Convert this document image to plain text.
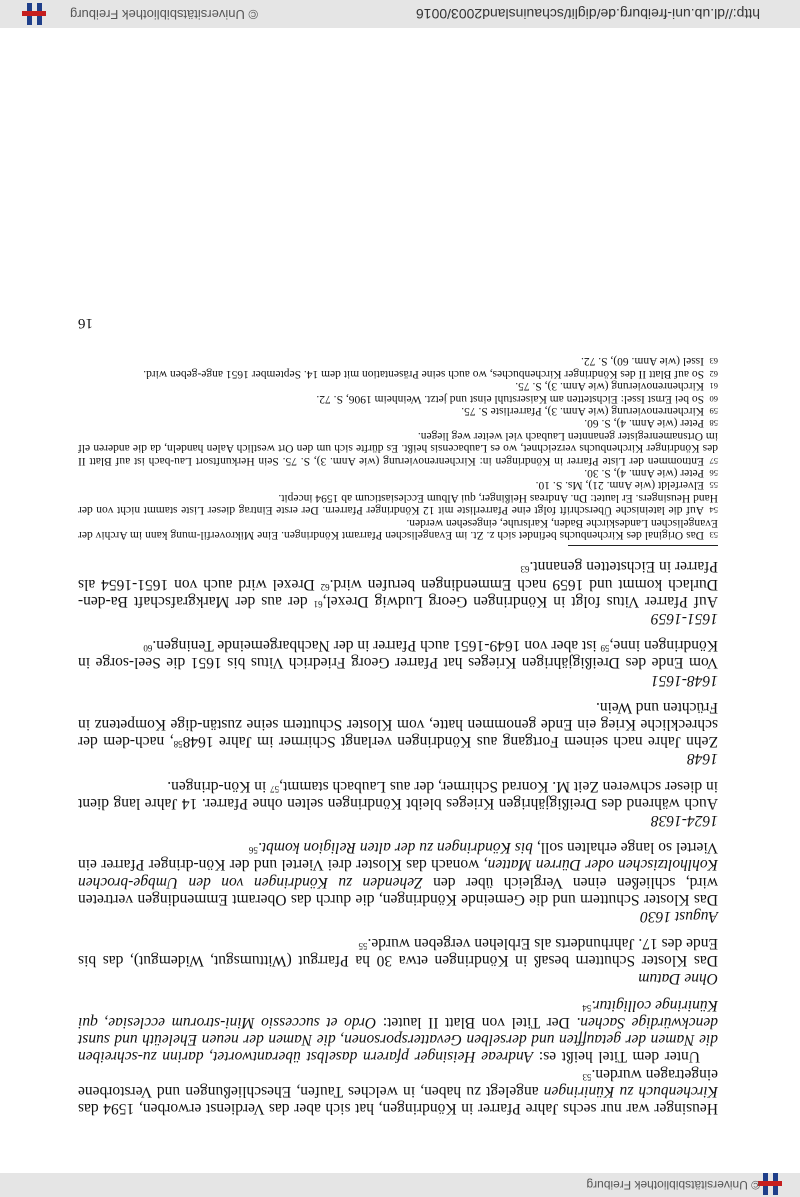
© Universitätsbibliothek Freiburg

Heusinger war nur sechs Jahre Pfarrer in Köndringen, hat sich aber das Verdienst erworben, 1594 das Kirchenbuch zu Küniringen angelegt zu haben, in welches Taufen, Eheschließungen und Verstorbene eingetragen wurden.$^{53}$

Unter dem Titel heißt es: Andreae Heisinger pfarern daselbst überantwortet, darinn zu-schreiben die Namen der getaufften und derselben Gevattersporsonen, die Namen der neuen Eheleüth und sunst denckwürdige Sachen. Der Titel von Blatt II lautet: Ordo et successio Mini-strorum ecclesiae, qui Küniringe colligitur.$^{54}$

Ohne Datum

Das Kloster Schuttern besaß in Köndringen etwa 30 ha Pfarrgut (Wittumsgut, Widemgut), das bis Ende des 17. Jahrhunderts als Erblehen vergeben wurde.$^{55}$

August 1630

Das Kloster Schuttern und die Gemeinde Köndringen, die durch das Oberamt Emmendingen vertreten wird, schließen einen Vergleich über den Zehenden zu Köndringen von den Umbge-brochen Kohlholtzischen oder Dürren Matten, wonach das Kloster drei Viertel und der Kön-dringer Pfarrer ein Viertel so lange erhalten soll, bis Köndringen zu der alten Religion kombt.$^{56}$

1624-1638

Auch während des Dreißigjährigen Krieges bleibt Köndringen selten ohne Pfarrer. 14 Jahre lang dient in dieser schweren Zeit M. Konrad Schirmer, der aus Laubach stammt,$^{57}$ in Kön-dringen.

1648

Zehn Jahre nach seinem Fortgang aus Köndringen verlangt Schirmer im Jahre 1648$^{58}$, nach-dem der schreckliche Krieg ein Ende genommen hatte, vom Kloster Schuttern seine zustän-dige Kompetenz in Früchten und Wein.

1648-1651

Vom Ende des Dreißigjährigen Krieges hat Pfarrer Georg Friedrich Vitus bis 1651 die Seel-sorge in Köndringen inne,$^{59}$ ist aber von 1649-1651 auch Pfarrer in der Nachbargemeinde Teningen.$^{60}$

1651-1659

Auf Pfarrer Vitus folgt in Köndringen Georg Ludwig Drexel,$^{61}$ der aus der Markgrafschaft Ba-den-Durlach kommt und 1659 nach Emmendingen berufen wird.$^{62}$ Drexel wird auch von 1651-1654 als Pfarrer in Eichstetten genannt.$^{63}$

53Das Original des Kirchenbuchs befindet sich z. Zt. im Evangelischen Pfarramt Köndringen. Eine Mikroverfil-mung kann im Archiv der Evangelischen Landeskirche Baden, Karlsruhe, eingesehen werden.

54Auf die lateinische Überschrift folgt eine Pfarrerliste mit 12 Köndringer Pfarrern. Der erste Eintrag dieser Liste stammt nicht von der Hand Heusingers. Er lautet: Dn. Andreas Heißinger, qui Album Ecclesiasticum ab 1594 incepit.

55Elverfeldt (wie Anm. 21), Ms. S. 10.

56Peter (wie Anm. 4), S. 30.

57Entnommen der Liste Pfarrer in Köndringen in: Kirchenrenovierung (wie Anm. 3), S. 75. Sein Herkunftsort Lau-bach ist auf Blatt II des Köndringer Kirchenbuchs verzeichnet, wo es Laubacensis heißt. Es dürfte sich um den Ort westlich Aalen handeln, da die anderen elf im Ortsnamenregister genannten Laubach viel weiter weg liegen.

58Peter (wie Anm. 4), S. 60.

59Kirchenrenovierung (wie Anm. 3), Pfarrerliste S. 75.

60So bei Ernst Issel: Eichstetten am Kaiserstuhl einst und jetzt. Weinheim 1906, S. 72.

61Kirchenrenovierung (wie Anm. 3), S. 75.

62So auf Blatt II des Köndringer Kirchenbuches, wo auch seine Präsentation mit dem 14. September 1651 ange-geben wird.

63Issel (wie Anm. 60), S. 72.

16
http://dl.ub.uni-freiburg.de/diglit/schauinsland2003/0016
© Universitätsbibliothek Freiburg
